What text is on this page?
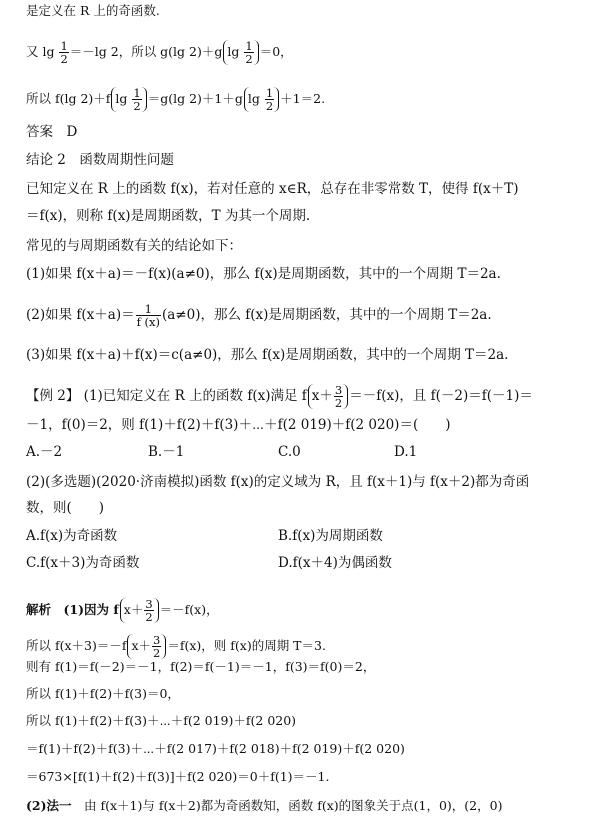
是定义在 R 上的奇函数.
又 $\lg \frac{1}{2} =-\lg$ 2，所以 g(lg 2)＋g $\lg \frac{1}{2} =0$，
所以 f(lg 2)＋f $\lg \frac{1}{2} =g(\lg$ 2)＋1＋g $\lg \frac{1}{2} +1=2$.
答案　D
结论 2　函数周期性问题
已知定义在 R 上的函数 f(x)，若对任意的 x∈R，总存在非零常数 T，使得 f(x＋T)
＝f(x)，则称 f(x)是周期函数，T 为其一个周期.
常见的与周期函数有关的结论如下：
(1)如果 f(x＋a)＝－f(x)(a≠0)，那么 f(x)是周期函数，其中的一个周期 T＝2a.
(2)如果 $f(x+a)= \frac{1}{f (x)} (a\ne 0)$，那么 f(x)是周期函数，其中的一个周期 T＝2a.
(3)如果 f(x＋a)＋f(x)＝c(a≠0)，那么 f(x)是周期函数，其中的一个周期 T＝2a.
【例 2】 (1)已知定义在 R 上的函数 f(x)满足 f $x+ \frac{3}{2} =-f(x)$，且 f(－2)＝f(－1)＝
－1，f(0)＝2，则 f(1)＋f(2)＋f(3)＋⋯＋f(2 019)＋f(2 020)＝(　　)
A.－2	B.－1	C.0	D.1
(2)(多选题)(2020·济南模拟)函数 f(x)的定义域为 R，且 f(x＋1)与 f(x＋2)都为奇函
数，则(　　)
A.f(x)为奇函数	B.f(x)为周期函数
C.f(x＋3)为奇函数	D.f(x＋4)为偶函数
解析　(1)因为 f $x+ \frac{3}{2} =-f(x)$，
所以 f(x＋3)＝－f $x+ \frac{3}{2} =f(x)$，则 f(x)的周期 T＝3.
则有 f(1)＝f(－2)＝－1，f(2)＝f(－1)＝－1，f(3)＝f(0)＝2，
所以 f(1)＋f(2)＋f(3)＝0，
所以 f(1)＋f(2)＋f(3)＋⋯＋f(2 019)＋f(2 020)
＝f(1)＋f(2)＋f(3)＋⋯＋f(2 017)＋f(2 018)＋f(2 019)＋f(2 020)
＝673×[f(1)＋f(2)＋f(3)]＋f(2 020)＝0＋f(1)＝－1.
(2)法一　由 f(x＋1)与 f(x＋2)都为奇函数知，函数 f(x)的图象关于点(1，0)，(2，0)
